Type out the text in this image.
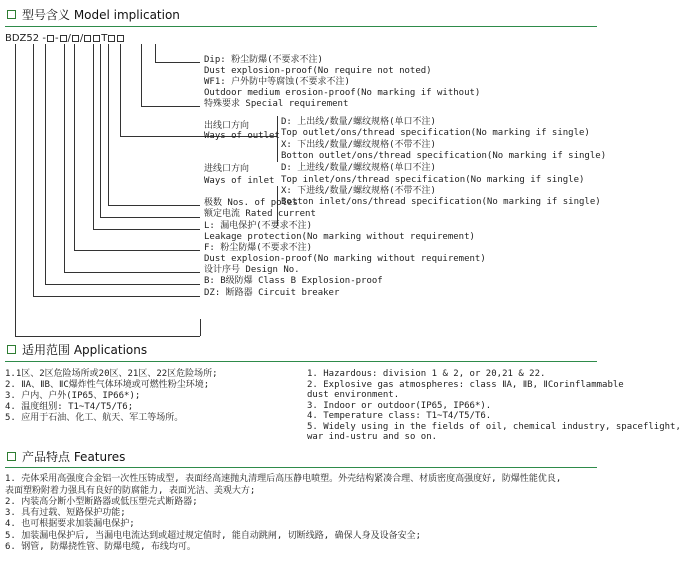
型号含义 Model implication
BDZ52 - - / / T
Dip: 粉尘防爆(不要求不注)
Dust explosion-proof(No require not noted)
WF1: 户外防中等腐蚀(不要求不注)
Outdoor medium erosion-proof(No marking if without)
特殊要求 Special requirement
出线口方向
Ways of outlet
D: 上出线/数量/螺纹规格(单口不注)
Top outlet/ons/thread specification(No marking if single)
X: 下出线/数量/螺纹规格(不带不注)
Botton outlet/ons/thread specification(No marking if single)
进线口方向
Ways of inlet
D: 上进线/数量/螺纹规格(单口不注)
Top inlet/ons/thread specification(No marking if single)
X: 下进线/数量/螺纹规格(不带不注)
Botton inlet/ons/thread specification(No marking if single)
极数 Nos. of poles
额定电流 Rated current
L: 漏电保护(不要求不注)
Leakage protection(No marking without requirement)
F: 粉尘防爆(不要求不注)
Dust explosion-proof(No marking without requirement)
设计序号 Design No.
B: B级防爆 Class B Explosion-proof
DZ: 断路器 Circuit breaker
适用范围 Applications
1.1区、2区危险场所或20区、21区、22区危险场所;
2. ⅡA、ⅡB、ⅡC爆炸性气体环境或可燃性粉尘环境;
3. 户内、户外(IP65、IP66*);
4. 温度组别: T1~T4/T5/T6;
5. 应用于石油、化工、航天、军工等场所。
1. Hazardous: division 1 & 2, or 20,21 & 22.
2. Explosive gas atmospheres: class ⅡA, ⅡB, ⅡCorinflammable
dust environment.
3. Indoor or outdoor(IP65, IP66*).
4. Temperature class: T1~T4/T5/T6.
5. Widely using in the fields of oil, chemical industry, spaceflight,
war ind-ustru and so on.
产品特点 Features
1. 壳体采用高强度合金铝一次性压铸成型, 表面经高速抛丸清理后高压静电喷塑。外壳结构紧凑合理、材质密度高强度好, 防爆性能优良,
表面塑粉附着力强具有良好的防腐能力, 表面光洁、美观大方;
2. 内装高分断小型断路器或低压塑壳式断路器;
3. 具有过载、短路保护功能;
4. 也可根据要求加装漏电保护;
5. 加装漏电保护后, 当漏电电流达到或超过规定值时, 能自动跳闸, 切断线路, 确保人身及设备安全;
6. 钢管, 防爆挠性管、防爆电缆, 布线均可。
